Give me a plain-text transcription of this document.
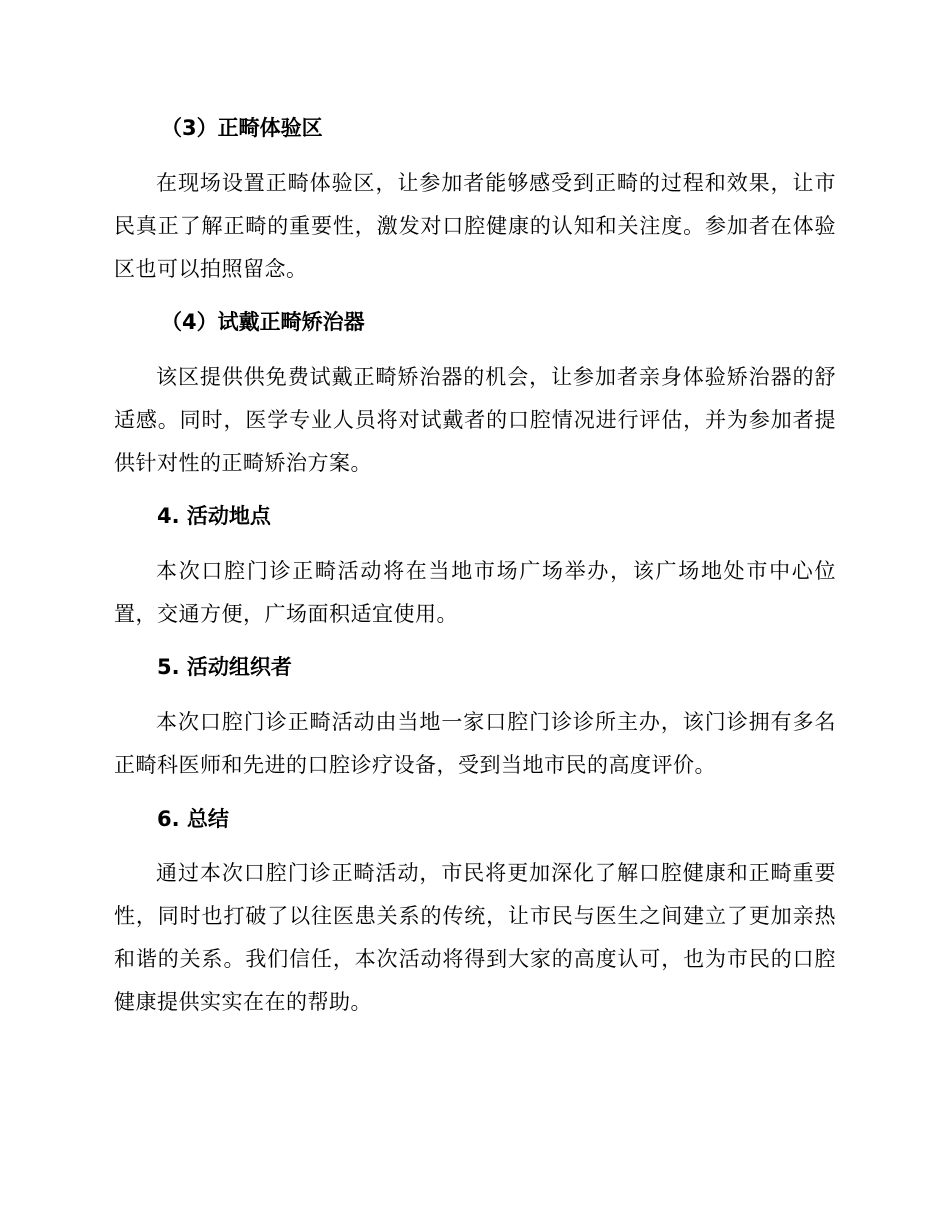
（3）正畸体验区

在现场设置正畸体验区，让参加者能够感受到正畸的过程和效果，让市民真正了解正畸的重要性，激发对口腔健康的认知和关注度。参加者在体验区也可以拍照留念。

（4）试戴正畸矫治器

该区提供供免费试戴正畸矫治器的机会，让参加者亲身体验矫治器的舒适感。同时，医学专业人员将对试戴者的口腔情况进行评估，并为参加者提供针对性的正畸矫治方案。

4. 活动地点

本次口腔门诊正畸活动将在当地市场广场举办，该广场地处市中心位置，交通方便，广场面积适宜使用。

5. 活动组织者

本次口腔门诊正畸活动由当地一家口腔门诊诊所主办，该门诊拥有多名正畸科医师和先进的口腔诊疗设备，受到当地市民的高度评价。

6. 总结

通过本次口腔门诊正畸活动，市民将更加深化了解口腔健康和正畸重要性，同时也打破了以往医患关系的传统，让市民与医生之间建立了更加亲热和谐的关系。我们信任，本次活动将得到大家的高度认可，也为市民的口腔健康提供实实在在的帮助。
